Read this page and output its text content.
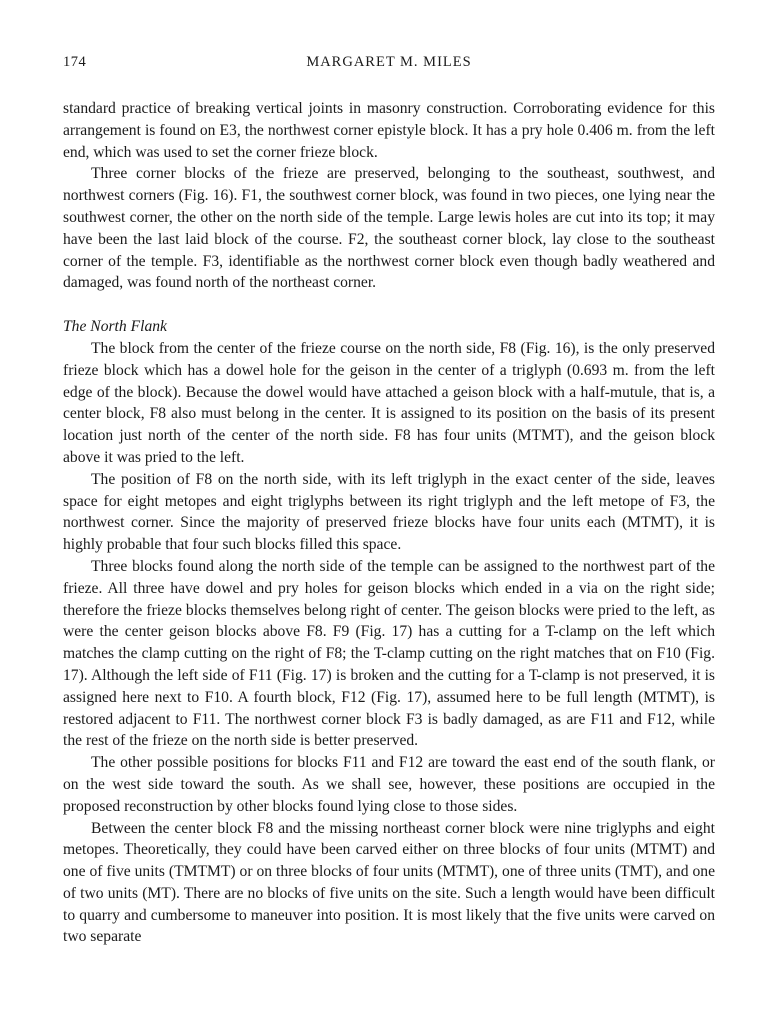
174	MARGARET M. MILES

standard practice of breaking vertical joints in masonry construction. Corroborating evidence for this arrangement is found on E3, the northwest corner epistyle block. It has a pry hole 0.406 m. from the left end, which was used to set the corner frieze block.

Three corner blocks of the frieze are preserved, belonging to the southeast, southwest, and northwest corners (Fig. 16). F1, the southwest corner block, was found in two pieces, one lying near the southwest corner, the other on the north side of the temple. Large lewis holes are cut into its top; it may have been the last laid block of the course. F2, the southeast corner block, lay close to the southeast corner of the temple. F3, identifiable as the northwest corner block even though badly weathered and damaged, was found north of the northeast corner.

The North Flank

The block from the center of the frieze course on the north side, F8 (Fig. 16), is the only preserved frieze block which has a dowel hole for the geison in the center of a triglyph (0.693 m. from the left edge of the block). Because the dowel would have attached a geison block with a half-mutule, that is, a center block, F8 also must belong in the center. It is assigned to its position on the basis of its present location just north of the center of the north side. F8 has four units (MTMT), and the geison block above it was pried to the left.

The position of F8 on the north side, with its left triglyph in the exact center of the side, leaves space for eight metopes and eight triglyphs between its right triglyph and the left metope of F3, the northwest corner. Since the majority of preserved frieze blocks have four units each (MTMT), it is highly probable that four such blocks filled this space.

Three blocks found along the north side of the temple can be assigned to the northwest part of the frieze. All three have dowel and pry holes for geison blocks which ended in a via on the right side; therefore the frieze blocks themselves belong right of center. The geison blocks were pried to the left, as were the center geison blocks above F8. F9 (Fig. 17) has a cutting for a T-clamp on the left which matches the clamp cutting on the right of F8; the T-clamp cutting on the right matches that on F10 (Fig. 17). Although the left side of F11 (Fig. 17) is broken and the cutting for a T-clamp is not preserved, it is assigned here next to F10. A fourth block, F12 (Fig. 17), assumed here to be full length (MTMT), is restored adjacent to F11. The northwest corner block F3 is badly damaged, as are F11 and F12, while the rest of the frieze on the north side is better preserved.

The other possible positions for blocks F11 and F12 are toward the east end of the south flank, or on the west side toward the south. As we shall see, however, these positions are occupied in the proposed reconstruction by other blocks found lying close to those sides.

Between the center block F8 and the missing northeast corner block were nine triglyphs and eight metopes. Theoretically, they could have been carved either on three blocks of four units (MTMT) and one of five units (TMTMT) or on three blocks of four units (MTMT), one of three units (TMT), and one of two units (MT). There are no blocks of five units on the site. Such a length would have been difficult to quarry and cumbersome to maneuver into position. It is most likely that the five units were carved on two separate
